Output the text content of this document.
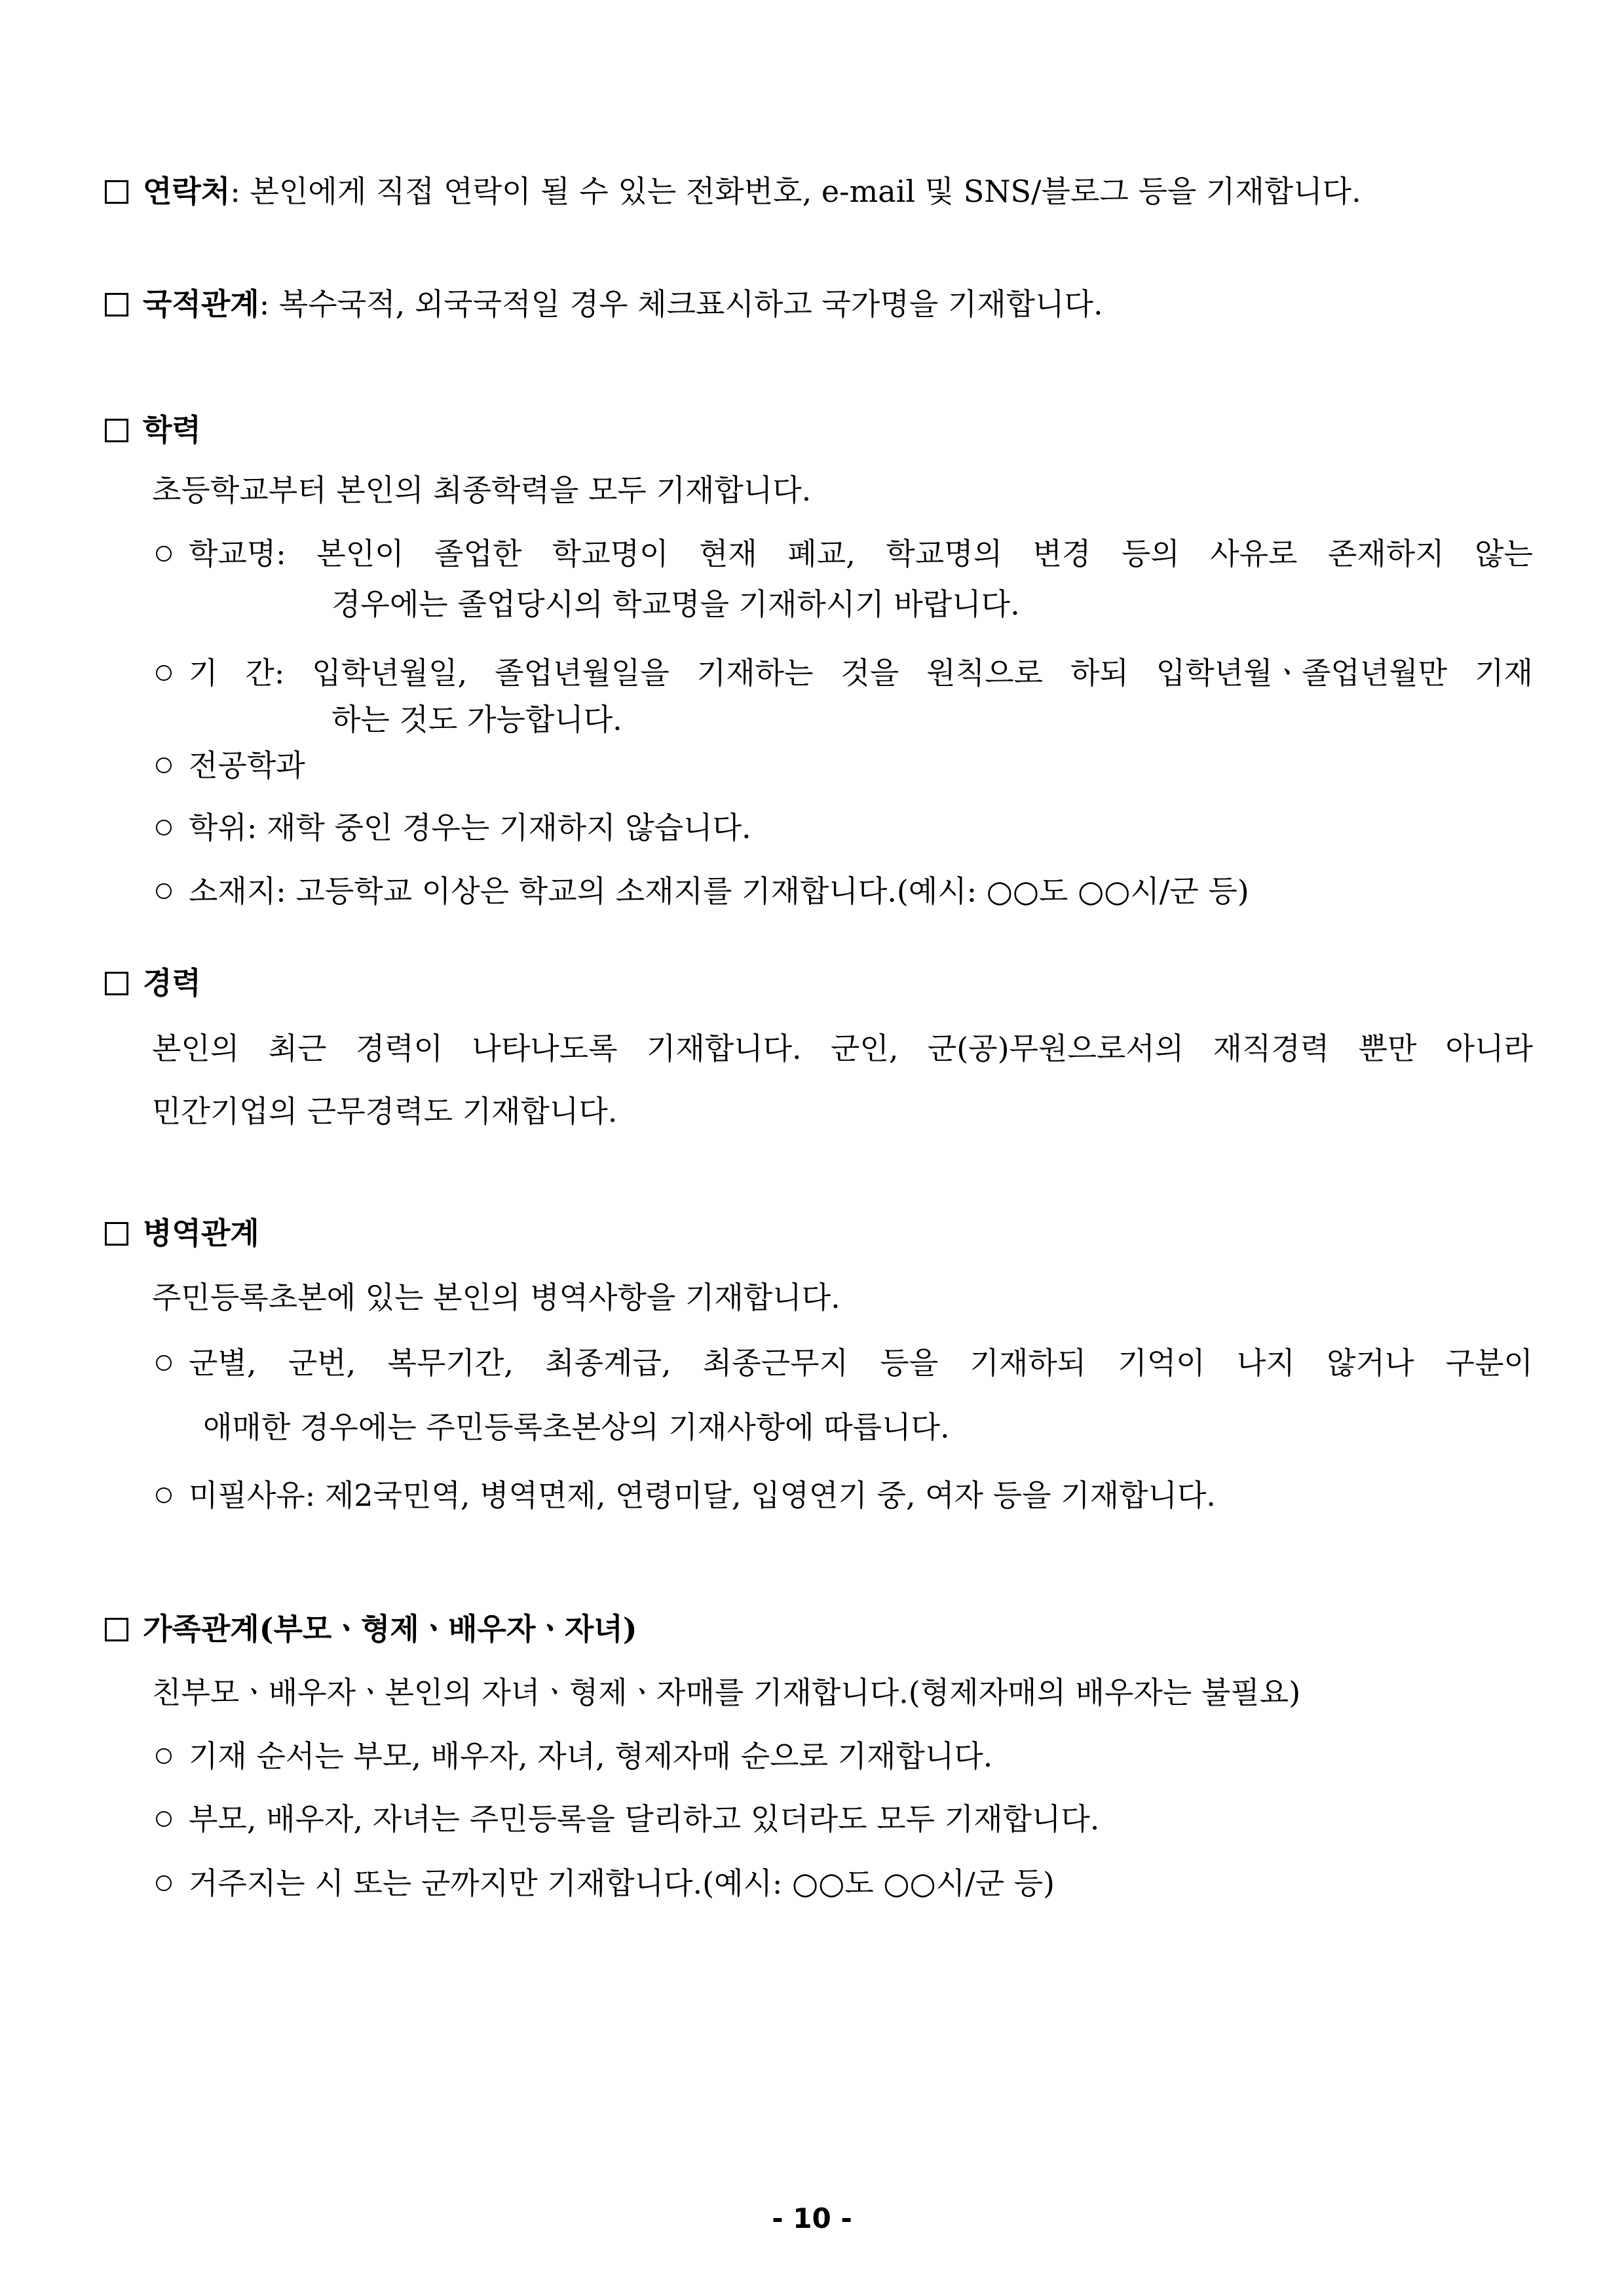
연락처: 본인에게 직접 연락이 될 수 있는 전화번호, e-mail 및 SNS/블로그 등을 기재합니다.
국적관계: 복수국적, 외국국적일 경우 체크표시하고 국가명을 기재합니다.
학력
초등학교부터 본인의 최종학력을 모두 기재합니다.
학교명: 본인이 졸업한 학교명이 현재 폐교, 학교명의 변경 등의 사유로 존재하지 않는
경우에는 졸업당시의 학교명을 기재하시기 바랍니다.
기 간: 입학년월일, 졸업년월일을 기재하는 것을 원칙으로 하되 입학년월ㆍ졸업년월만 기재
하는 것도 가능합니다.
전공학과
학위: 재학 중인 경우는 기재하지 않습니다.
소재지: 고등학교 이상은 학교의 소재지를 기재합니다.(예시: ○○도 ○○시/군 등)
경력
본인의 최근 경력이 나타나도록 기재합니다. 군인, 군(공)무원으로서의 재직경력 뿐만 아니라
민간기업의 근무경력도 기재합니다.
병역관계
주민등록초본에 있는 본인의 병역사항을 기재합니다.
군별, 군번, 복무기간, 최종계급, 최종근무지 등을 기재하되 기억이 나지 않거나 구분이
애매한 경우에는 주민등록초본상의 기재사항에 따릅니다.
미필사유: 제2국민역, 병역면제, 연령미달, 입영연기 중, 여자 등을 기재합니다.
가족관계(부모ㆍ형제ㆍ배우자ㆍ자녀)
친부모ㆍ배우자ㆍ본인의 자녀ㆍ형제ㆍ자매를 기재합니다.(형제자매의 배우자는 불필요)
기재 순서는 부모, 배우자, 자녀, 형제자매 순으로 기재합니다.
부모, 배우자, 자녀는 주민등록을 달리하고 있더라도 모두 기재합니다.
거주지는 시 또는 군까지만 기재합니다.(예시: ○○도 ○○시/군 등)
- 10 -
